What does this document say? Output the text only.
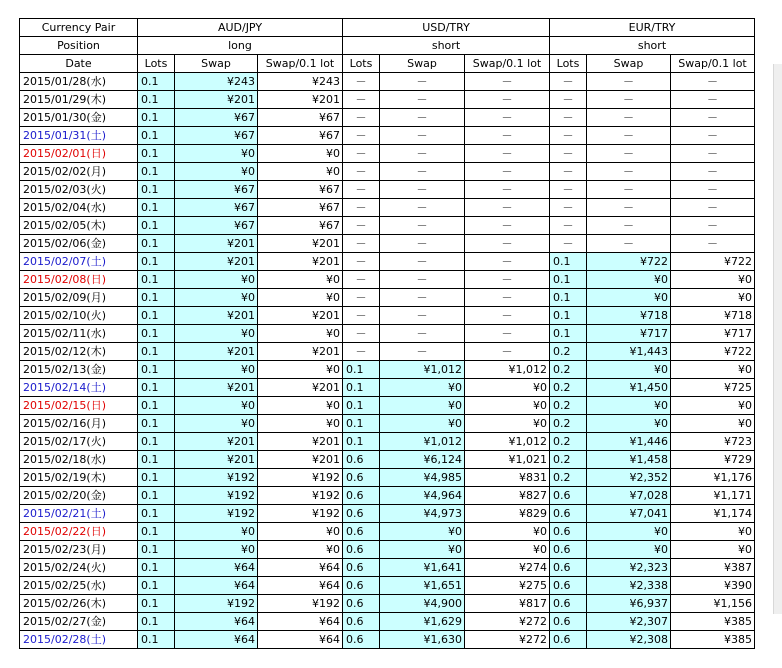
Currency Pair	AUD/JPY			USD/TRY			EUR/TRY		
Position	long			short			short		
Date	Lots	Swap	Swap/0.1 lot	Lots	Swap	Swap/0.1 lot	Lots	Swap	Swap/0.1 lot
2015/01/28(水)	0.1	¥243	¥243	－	－	－	－	－	－
2015/01/29(木)	0.1	¥201	¥201	－	－	－	－	－	－
2015/01/30(金)	0.1	¥67	¥67	－	－	－	－	－	－
2015/01/31(土)	0.1	¥67	¥67	－	－	－	－	－	－
2015/02/01(日)	0.1	¥0	¥0	－	－	－	－	－	－
2015/02/02(月)	0.1	¥0	¥0	－	－	－	－	－	－
2015/02/03(火)	0.1	¥67	¥67	－	－	－	－	－	－
2015/02/04(水)	0.1	¥67	¥67	－	－	－	－	－	－
2015/02/05(木)	0.1	¥67	¥67	－	－	－	－	－	－
2015/02/06(金)	0.1	¥201	¥201	－	－	－	－	－	－
2015/02/07(土)	0.1	¥201	¥201	－	－	－	0.1	¥722	¥722
2015/02/08(日)	0.1	¥0	¥0	－	－	－	0.1	¥0	¥0
2015/02/09(月)	0.1	¥0	¥0	－	－	－	0.1	¥0	¥0
2015/02/10(火)	0.1	¥201	¥201	－	－	－	0.1	¥718	¥718
2015/02/11(水)	0.1	¥0	¥0	－	－	－	0.1	¥717	¥717
2015/02/12(木)	0.1	¥201	¥201	－	－	－	0.2	¥1,443	¥722
2015/02/13(金)	0.1	¥0	¥0	0.1	¥1,012	¥1,012	0.2	¥0	¥0
2015/02/14(土)	0.1	¥201	¥201	0.1	¥0	¥0	0.2	¥1,450	¥725
2015/02/15(日)	0.1	¥0	¥0	0.1	¥0	¥0	0.2	¥0	¥0
2015/02/16(月)	0.1	¥0	¥0	0.1	¥0	¥0	0.2	¥0	¥0
2015/02/17(火)	0.1	¥201	¥201	0.1	¥1,012	¥1,012	0.2	¥1,446	¥723
2015/02/18(水)	0.1	¥201	¥201	0.6	¥6,124	¥1,021	0.2	¥1,458	¥729
2015/02/19(木)	0.1	¥192	¥192	0.6	¥4,985	¥831	0.2	¥2,352	¥1,176
2015/02/20(金)	0.1	¥192	¥192	0.6	¥4,964	¥827	0.6	¥7,028	¥1,171
2015/02/21(土)	0.1	¥192	¥192	0.6	¥4,973	¥829	0.6	¥7,041	¥1,174
2015/02/22(日)	0.1	¥0	¥0	0.6	¥0	¥0	0.6	¥0	¥0
2015/02/23(月)	0.1	¥0	¥0	0.6	¥0	¥0	0.6	¥0	¥0
2015/02/24(火)	0.1	¥64	¥64	0.6	¥1,641	¥274	0.6	¥2,323	¥387
2015/02/25(水)	0.1	¥64	¥64	0.6	¥1,651	¥275	0.6	¥2,338	¥390
2015/02/26(木)	0.1	¥192	¥192	0.6	¥4,900	¥817	0.6	¥6,937	¥1,156
2015/02/27(金)	0.1	¥64	¥64	0.6	¥1,629	¥272	0.6	¥2,307	¥385
2015/02/28(土)	0.1	¥64	¥64	0.6	¥1,630	¥272	0.6	¥2,308	¥385
